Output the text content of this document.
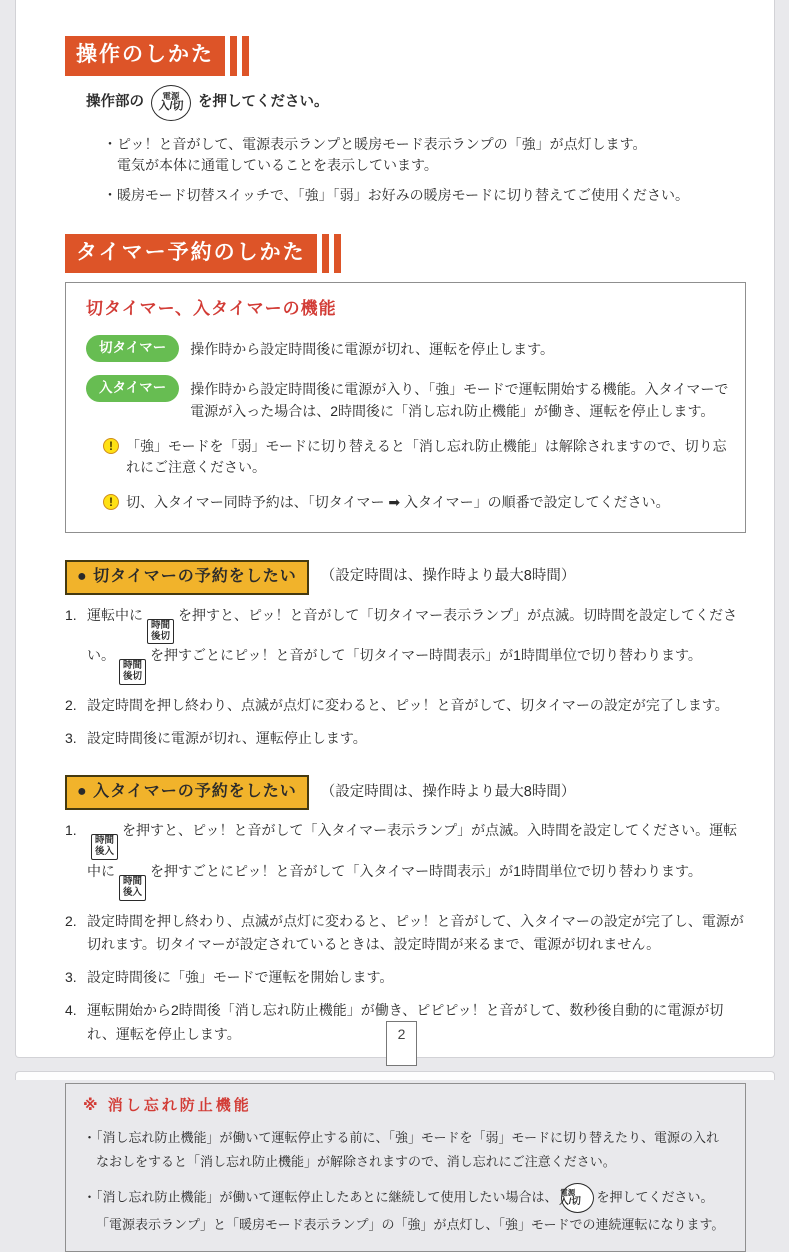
操作のしかた
操作部の 電源
入/切 を押してください。
・ピッ！と音がして、電源表示ランプと暖房モード表示ランプの「強」が点灯します。
電気が本体に通電していることを表示しています。
・暖房モード切替スイッチで、「強」「弱」お好みの暖房モードに切り替えてご使用ください。
タイマー予約のしかた
切タイマー、入タイマーの機能
切タイマー	操作時から設定時間後に電源が切れ、運転を停止します。
入タイマー	操作時から設定時間後に電源が入り、「強」モードで運転開始する機能。入タイマーで電源が入った場合は、2時間後に「消し忘れ防止機能」が働き、運転を停止します。
! 「強」モードを「弱」モードに切り替えると「消し忘れ防止機能」は解除されますので、切り忘れにご注意ください。
! 切、入タイマー同時予約は、「切タイマー ➡ 入タイマー」の順番で設定してください。
● 切タイマーの予約をしたい	（設定時間は、操作時より最大8時間）
1. 運転中に
時間
後切
を押すと、ピッ！と音がして「切タイマー表示ランプ」が点滅。切時間を設定してください。
時間
後切
を押すごとにピッ！と音がして「切タイマー時間表示」が1時間単位で切り替わります。
2. 設定時間を押し終わり、点滅が点灯に変わると、ピッ！と音がして、切タイマーの設定が完了します。
3. 設定時間後に電源が切れ、運転停止します。
● 入タイマーの予約をしたい	（設定時間は、操作時より最大8時間）
1.
時間
後入
を押すと、ピッ！と音がして「入タイマー表示ランプ」が点滅。入時間を設定してください。運転中に
時間
後入
を押すごとにピッ！と音がして「入タイマー時間表示」が1時間単位で切り替わります。
2. 設定時間を押し終わり、点滅が点灯に変わると、ピッ！と音がして、入タイマーの設定が完了し、電源が切れます。切タイマーが設定されているときは、設定時間が来るまで、電源が切れません。
3. 設定時間後に「強」モードで運転を開始します。
4. 運転開始から2時間後「消し忘れ防止機能」が働き、ピピピッ！と音がして、数秒後自動的に電源が切れ、運転を停止します。
※ 消し忘れ防止機能
・「消し忘れ防止機能」が働いて運転停止する前に、「強」モードを「弱」モードに切り替えたり、電源の入れなおしをすると「消し忘れ防止機能」が解除されますので、消し忘れにご注意ください。
・「消し忘れ防止機能」が働いて運転停止したあとに継続して使用したい場合は、 電源
入/切 を押してください。「電源表示ランプ」と「暖房モード表示ランプ」の「強」が点灯し、「強」モードでの連続運転になります。
2
